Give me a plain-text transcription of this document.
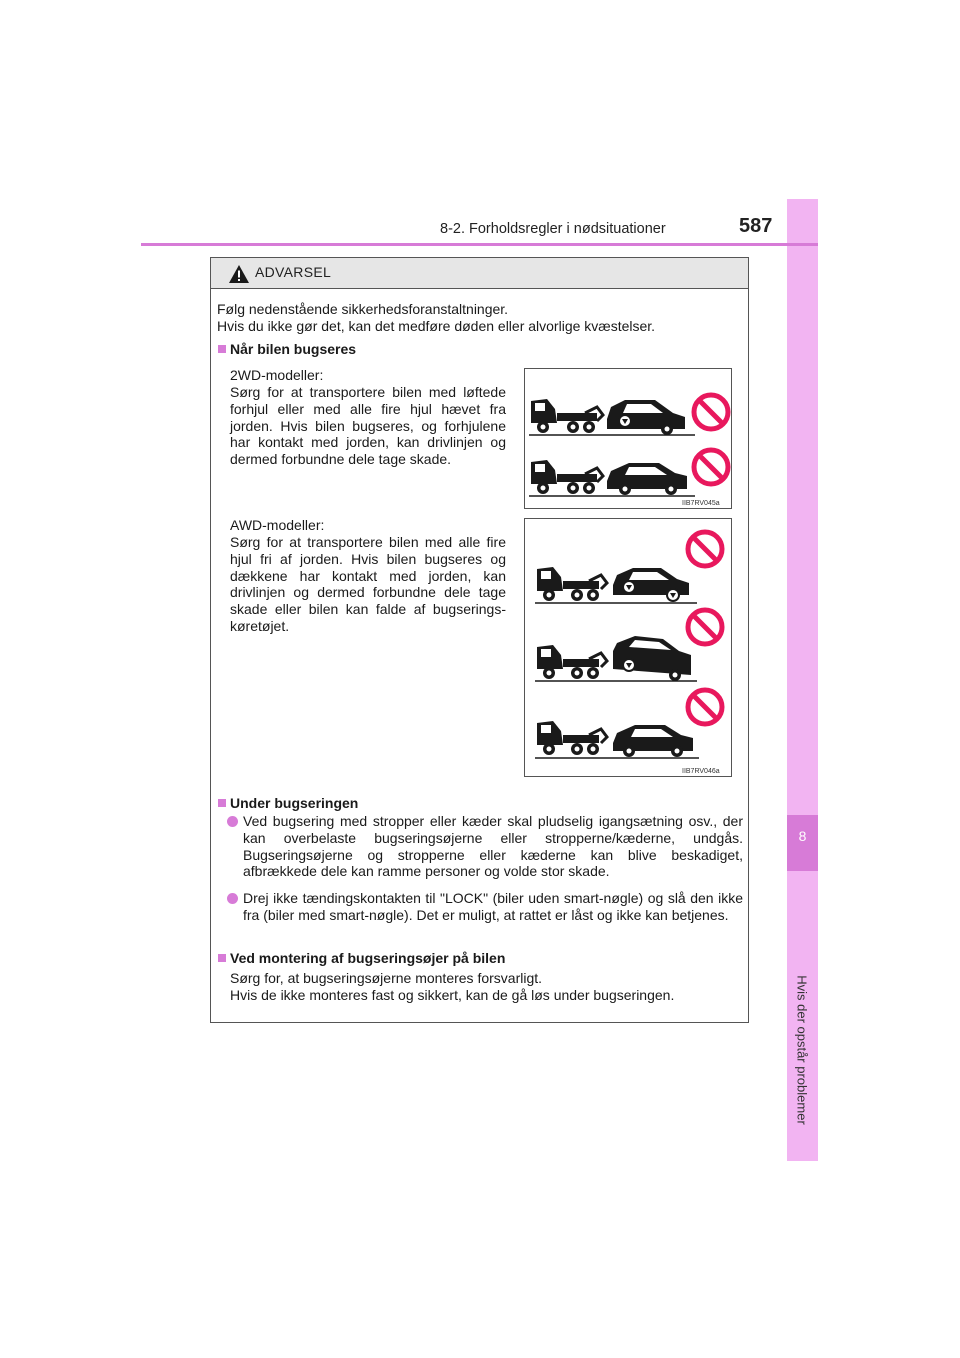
8
Hvis der opstår problemer
8-2. Forholdsregler i nødsituationer	587
ADVARSEL
Følg nedenstående sikkerhedsforanstaltninger.
Hvis du ikke gør det, kan det medføre døden eller alvorlige kvæstelser.
Når bilen bugseres
2WD-modeller:
Sørg for at transportere bilen med løftede forhjul eller med alle fire hjul hævet fra jorden. Hvis bilen bugseres, og forhjulene har kontakt med jorden, kan drivlinjen og dermed forbundne dele tage skade.
IIB7RV045a
AWD-modeller:
Sørg for at transportere bilen med alle fire hjul fri af jorden. Hvis bilen bugseres og dækkene har kontakt med jorden, kan drivlinjen og dermed forbundne dele tage skade eller bilen kan falde af bugserings-køretøjet.
IIB7RV046a
Under bugseringen
Ved bugsering med stropper eller kæder skal pludselig igangsætning osv., der kan overbelaste bugseringsøjerne eller stropperne/kæderne, undgås. Bugseringsøjerne og stropperne eller kæderne kan blive beskadiget, afbrækkede dele kan ramme personer og volde stor skade.
Drej ikke tændingskontakten til "LOCK" (biler uden smart-nøgle) og slå den ikke fra (biler med smart-nøgle). Det er muligt, at rattet er låst og ikke kan betjenes.
Ved montering af bugseringsøjer på bilen
Sørg for, at bugseringsøjerne monteres forsvarligt.
Hvis de ikke monteres fast og sikkert, kan de gå løs under bugseringen.
